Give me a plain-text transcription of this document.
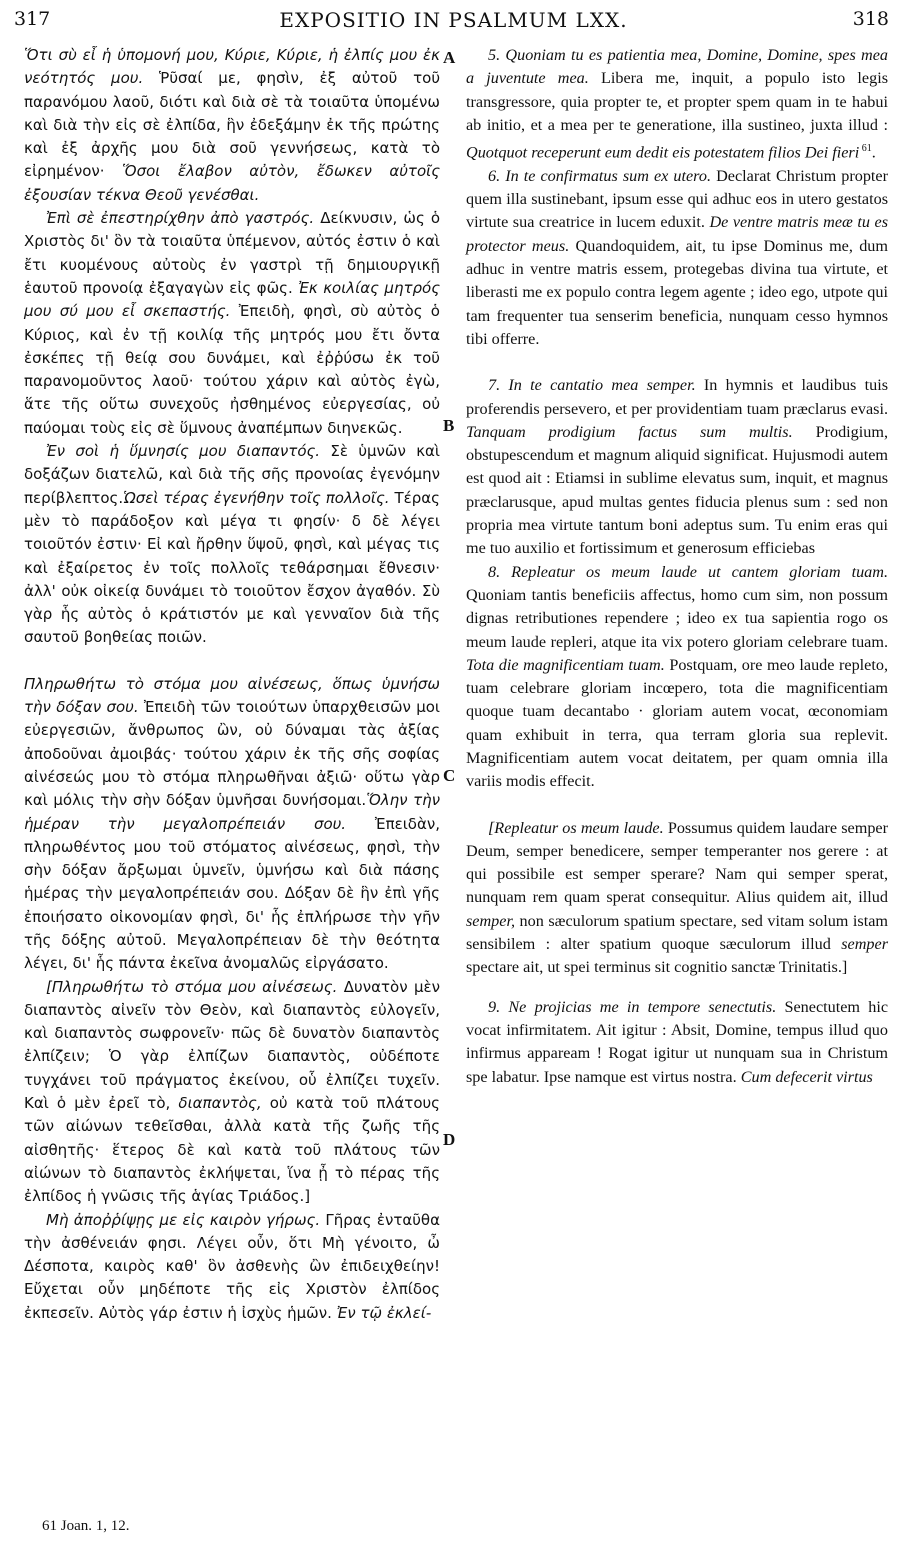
317	EXPOSITIO IN PSALMUM LXX.	318

Ὅτι σὺ εἶ ἡ ὑπομονή μου, Κύριε, Κύριε, ἡ ἐλπίς μου ἐκ νεότητός μου. Ῥῦσαί με, φησὶν, ἐξ αὐτοῦ τοῦ παρανόμου λαοῦ, διότι καὶ διὰ σὲ τὰ τοιαῦτα ὑπομένω καὶ διὰ τὴν εἰς σὲ ἐλπίδα, ἣν ἐδεξάμην ἐκ τῆς πρώτης καὶ ἐξ ἀρχῆς μου διὰ σοῦ γεννήσεως, κατὰ τὸ εἰρημένον· Ὅσοι ἔλαβον αὐτὸν, ἔδωκεν αὐτοῖς ἐξουσίαν τέκνα Θεοῦ γενέσθαι.

Ἐπὶ σὲ ἐπεστηρίχθην ἀπὸ γαστρός. Δείκνυσιν, ὡς ὁ Χριστὸς δι' ὃν τὰ τοιαῦτα ὑπέμενον, αὐτός ἐστιν ὁ καὶ ἔτι κυομένους αὐτοὺς ἐν γαστρὶ τῇ δημιουργικῇ ἑαυτοῦ προνοίᾳ ἐξαγαγὼν εἰς φῶς. Ἐκ κοιλίας μητρός μου σύ μου εἶ σκεπαστής. Ἐπειδὴ, φησὶ, σὺ αὐτὸς ὁ Κύριος, καὶ ἐν τῇ κοιλίᾳ τῆς μητρός μου ἔτι ὄντα ἐσκέπες τῇ θείᾳ σου δυνάμει, καὶ ἐῤῥύσω ἐκ τοῦ παρανομοῦντος λαοῦ· τούτου χάριν καὶ αὐτὸς ἐγὼ, ἅτε τῆς οὕτω συνεχοῦς ἠσθημένος εὐεργεσίας, οὐ παύομαι τοὺς εἰς σὲ ὕμνους ἀναπέμπων διηνεκῶς.

Ἐν σοὶ ἡ ὕμνησίς μου διαπαντός. Σὲ ὑμνῶν καὶ δοξάζων διατελῶ, καὶ διὰ τῆς σῆς προνοίας ἐγενόμην περίβλεπτος.Ὡσεὶ τέρας ἐγενήθην τοῖς πολλοῖς. Τέρας μὲν τὸ παράδοξον καὶ μέγα τι φησίν· δ δὲ λέγει τοιοῦτόν ἐστιν· Εἰ καὶ ἤρθην ὕψοῦ, φησὶ, καὶ μέγας τις καὶ ἐξαίρετος ἐν τοῖς πολλοῖς τεθάρσημαι ἔθνεσιν· ἀλλ' οὐκ οἰκείᾳ δυνάμει τὸ τοιοῦτον ἔσχον ἀγαθόν. Σὺ γὰρ ἧς αὐτὸς ὁ κράτιστόν με καὶ γενναῖον διὰ τῆς σαυτοῦ βοηθείας ποιῶν.

Πληρωθήτω τὸ στόμα μου αἰνέσεως, ὅπως ὑμνήσω τὴν δόξαν σου. Ἐπειδὴ τῶν τοιούτων ὑπαρχθεισῶν μοι εὐεργεσιῶν, ἄνθρωπος ὢν, οὐ δύναμαι τὰς ἀξίας ἀποδοῦναι ἀμοιβάς· τούτου χάριν ἐκ τῆς σῆς σοφίας αἰνέσεώς μου τὸ στόμα πληρωθῆναι ἀξιῶ· οὕτω γὰρ καὶ μόλις τὴν σὴν δόξαν ὑμνῆσαι δυνήσομαι.Ὅλην τὴν ἡμέραν τὴν μεγαλοπρέπειάν σου. Ἐπειδὰν, πληρωθέντος μου τοῦ στόματος αἰνέσεως, φησὶ, τὴν σὴν δόξαν ἄρξωμαι ὑμνεῖν, ὑμνήσω καὶ διὰ πάσης ἡμέρας τὴν μεγαλοπρέπειάν σου. Δόξαν δὲ ἣν ἐπὶ γῆς ἐποιήσατο οἰκονομίαν φησὶ, δι' ἧς ἐπλήρωσε τὴν γῆν τῆς δόξης αὐτοῦ. Μεγαλοπρέπειαν δὲ τὴν θεότητα λέγει, δι' ἧς πάντα ἐκεῖνα ἀνομαλῶς εἰργάσατο.

[Πληρωθήτω τὸ στόμα μου αἰνέσεως. Δυνατὸν μὲν διαπαντὸς αἰνεῖν τὸν Θεὸν, καὶ διαπαντὸς εὐλογεῖν, καὶ διαπαντὸς σωφρονεῖν· πῶς δὲ δυνατὸν διαπαντὸς ἐλπίζειν; Ὁ γὰρ ἐλπίζων διαπαντὸς, οὐδέποτε τυγχάνει τοῦ πράγματος ἐκείνου, οὗ ἐλπίζει τυχεῖν. Καὶ ὁ μὲν ἐρεῖ τὸ, διαπαντὸς, οὐ κατὰ τοῦ πλάτους τῶν αἰώνων τεθεῖσθαι, ἀλλὰ κατὰ τῆς ζωῆς τῆς αἰσθητῆς· ἕτερος δὲ καὶ κατὰ τοῦ πλάτους τῶν αἰώνων τὸ διαπαντὸς ἐκλήψεται, ἵνα ᾖ τὸ πέρας τῆς ἐλπίδος ἡ γνῶσις τῆς ἁγίας Τριάδος.]

Μὴ ἀποῤῥίψῃς με εἰς καιρὸν γήρως. Γῆρας ἐνταῦθα τὴν ἀσθένειάν φησι. Λέγει οὖν, ὅτι Μὴ γένοιτο, ὦ Δέσποτα, καιρὸς καθ' ὃν ἀσθενὴς ὢν ἐπιδειχθείην! Εὔχεται οὖν μηδέποτε τῆς εἰς Χριστὸν ἐλπίδος ἐκπεσεῖν. Αὐτὸς γάρ ἐστιν ἡ ἰσχὺς ἡμῶν. Ἐν τῷ ἐκλεί-

A
B
C
D

5. Quoniam tu es patientia mea, Domine, Domine, spes mea a juventute mea. Libera me, inquit, a populo isto legis transgressore, quia propter te, et propter spem quam in te habui ab initio, et a mea per te generatione, illa sustineo, juxta illud : Quotquot receperunt eum dedit eis potestatem filios Dei fieri $^{61}$.

6. In te confirmatus sum ex utero. Declarat Christum propter quem illa sustinebant, ipsum esse qui adhuc eos in utero gestatos virtute sua creatrice in lucem eduxit. De ventre matris meæ tu es protector meus. Quandoquidem, ait, tu ipse Dominus me, dum adhuc in ventre matris essem, protegebas divina tua virtute, et liberasti me ex populo contra legem agente ; ideo ego, utpote qui tam frequenter tua senserim beneficia, nunquam cesso hymnos tibi offerre.

7. In te cantatio mea semper. In hymnis et laudibus tuis proferendis persevero, et per providentiam tuam præclarus evasi. Tanquam prodigium factus sum multis. Prodigium, obstupescendum et magnum aliquid significat. Hujusmodi autem est quod ait : Etiamsi in sublime elevatus sum, inquit, et magnus præclarusque, apud multas gentes fiducia plenus sum : sed non propria mea virtute tantum boni adeptus sum. Tu enim eras qui me tuo auxilio et fortissimum et generosum efficiebas

8. Repleatur os meum laude ut cantem gloriam tuam. Quoniam tantis beneficiis affectus, homo cum sim, non possum dignas retributiones rependere ; ideo ex tua sapientia rogo os meum laude repleri, atque ita vix potero gloriam celebrare tuam. Tota die magnificentiam tuam. Postquam, ore meo laude repleto, tuam celebrare gloriam incœpero, tota die magnificentiam quoque tuam decantabo · gloriam autem vocat, œconomiam quam exhibuit in terra, qua terram gloria sua replevit. Magnificentiam autem vocat deitatem, per quam omnia illa variis modis effecit.

[Repleatur os meum laude. Possumus quidem laudare semper Deum, semper benedicere, semper temperanter nos gerere : at qui possibile est semper sperare? Nam qui semper sperat, nunquam rem quam sperat consequitur. Alius quidem ait, illud semper, non sæculorum spatium spectare, sed vitam solum istam sensibilem : alter spatium quoque sæculorum illud semper spectare ait, ut spei terminus sit cognitio sanctæ Trinitatis.]

9. Ne projicias me in tempore senectutis. Senectutem hic vocat infirmitatem. Ait igitur : Absit, Domine, tempus illud quo infirmus appaream ! Rogat igitur ut nunquam sua in Christum spe labatur. Ipse namque est virtus nostra. Cum defecerit virtus

61 Joan. 1, 12.
